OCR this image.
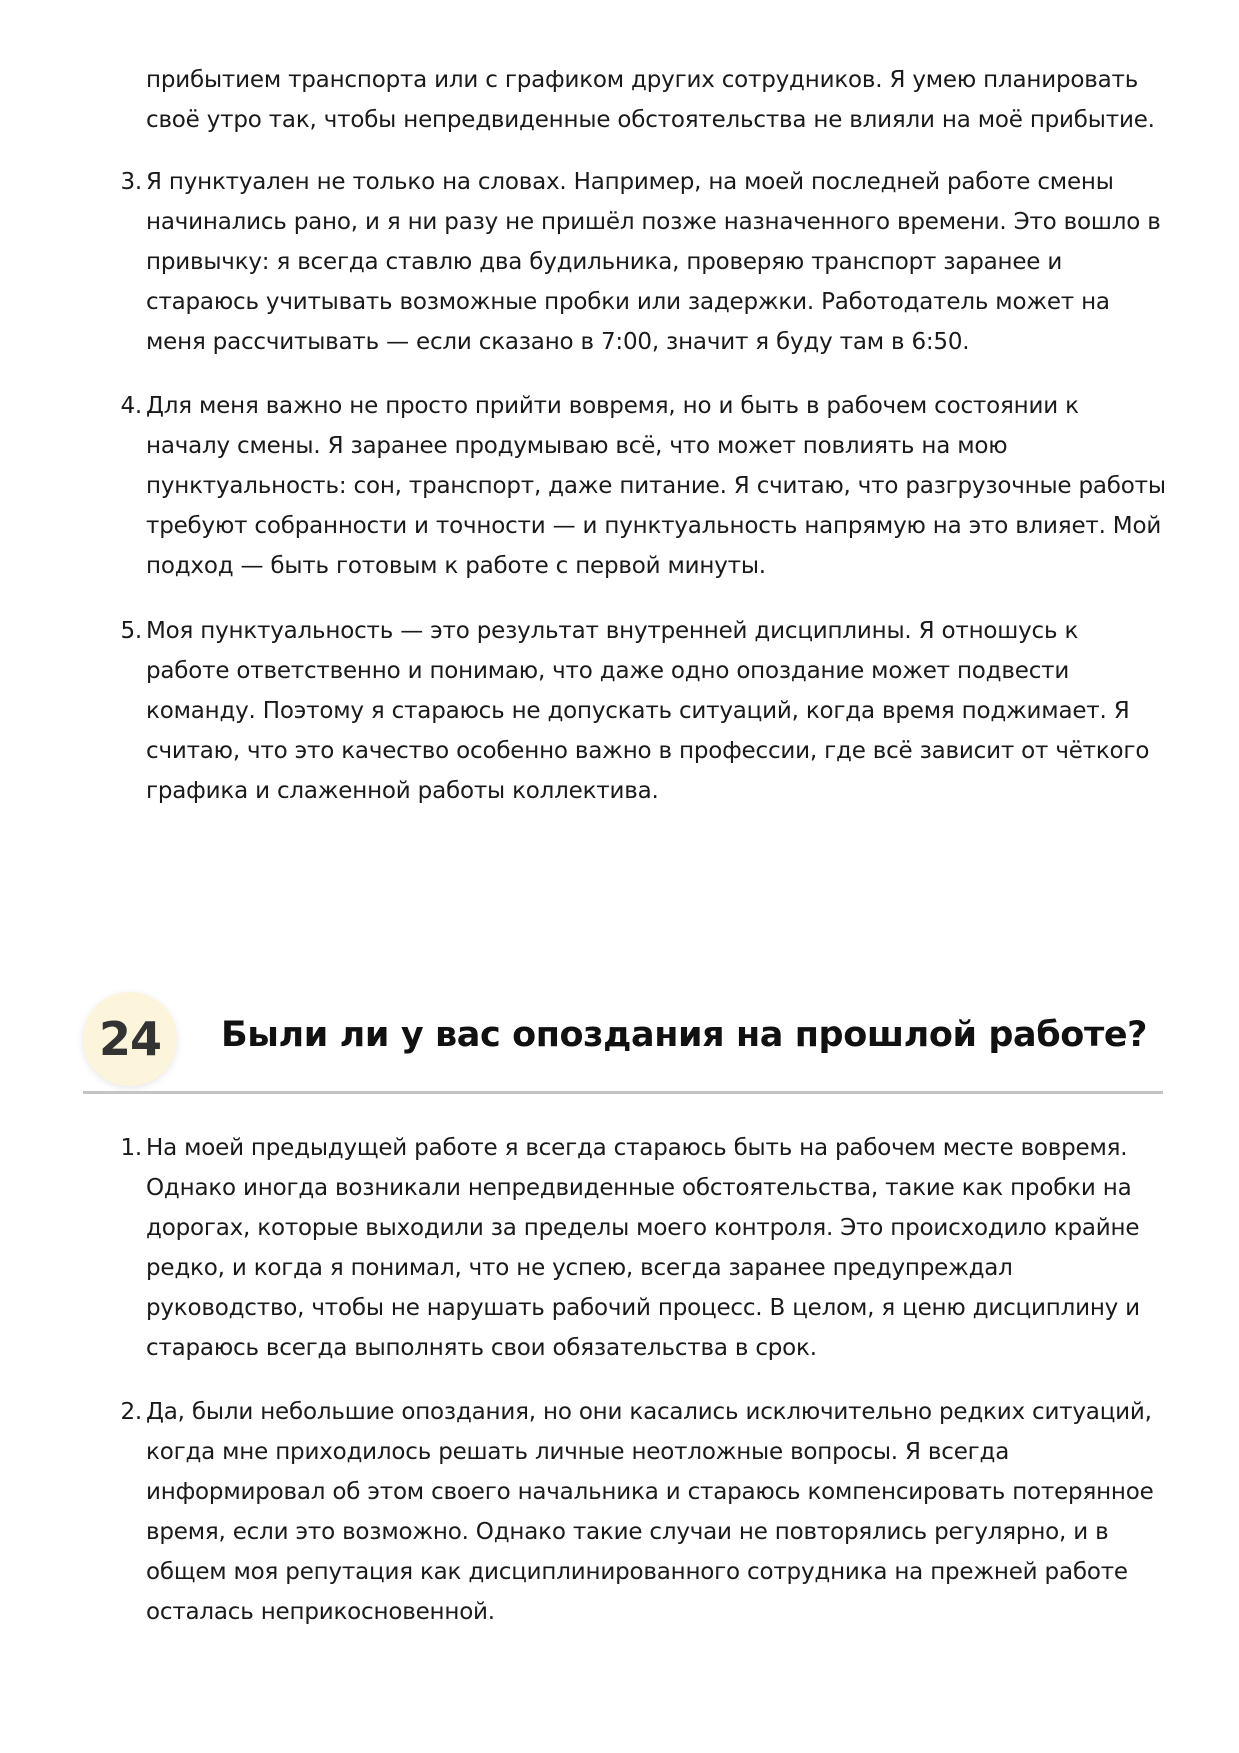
прибытием транспорта или с графиком других сотрудников. Я умею планировать своё утро так, чтобы непредвиденные обстоятельства не влияли на моё прибытие.

3. Я пунктуален не только на словах. Например, на моей последней работе смены начинались рано, и я ни разу не пришёл позже назначенного времени. Это вошло в привычку: я всегда ставлю два будильника, проверяю транспорт заранее и стараюсь учитывать возможные пробки или задержки. Работодатель может на меня рассчитывать — если сказано в 7:00, значит я буду там в 6:50.
4. Для меня важно не просто прийти вовремя, но и быть в рабочем состоянии к началу смены. Я заранее продумываю всё, что может повлиять на мою пунктуальность: сон, транспорт, даже питание. Я считаю, что разгрузочные работы требуют собранности и точности — и пунктуальность напрямую на это влияет. Мой подход — быть готовым к работе с первой минуты.
5. Моя пунктуальность — это результат внутренней дисциплины. Я отношусь к работе ответственно и понимаю, что даже одно опоздание может подвести команду. Поэтому я стараюсь не допускать ситуаций, когда время поджимает. Я считаю, что это качество особенно важно в профессии, где всё зависит от чёткого графика и слаженной работы коллектива.
24	Были ли у вас опоздания на прошлой работе?
1. На моей предыдущей работе я всегда стараюсь быть на рабочем месте вовремя. Однако иногда возникали непредвиденные обстоятельства, такие как пробки на дорогах, которые выходили за пределы моего контроля. Это происходило крайне редко, и когда я понимал, что не успею, всегда заранее предупреждал руководство, чтобы не нарушать рабочий процесс. В целом, я ценю дисциплину и стараюсь всегда выполнять свои обязательства в срок.
2. Да, были небольшие опоздания, но они касались исключительно редких ситуаций, когда мне приходилось решать личные неотложные вопросы. Я всегда информировал об этом своего начальника и стараюсь компенсировать потерянное время, если это возможно. Однако такие случаи не повторялись регулярно, и в общем моя репутация как дисциплинированного сотрудника на прежней работе осталась неприкосновенной.
